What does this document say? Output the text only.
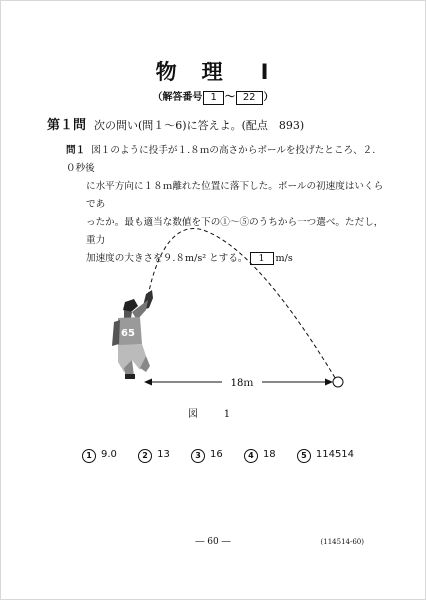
物　理 I
（解答番号 1 ～ 22 ）
第１問 次の問い(問１～6)に答えよ。(配点　893)
問１ 図１のように投手が１.８ｍの高さからボールを投げたところ、２.０秒後
に水平方向に１８ｍ離れた位置に落下した。ボールの初速度はいくらであ
ったか。最も適当な数値を下の①～⑤のうちから一つ選べ。ただし，重力
加速度の大きさを９.８m/s² とする。 1 m/s
18ｍ
65
図　1
1 9.0	2 13	3 16	4 18	5 114514
― 60 ―	(114514-60)
